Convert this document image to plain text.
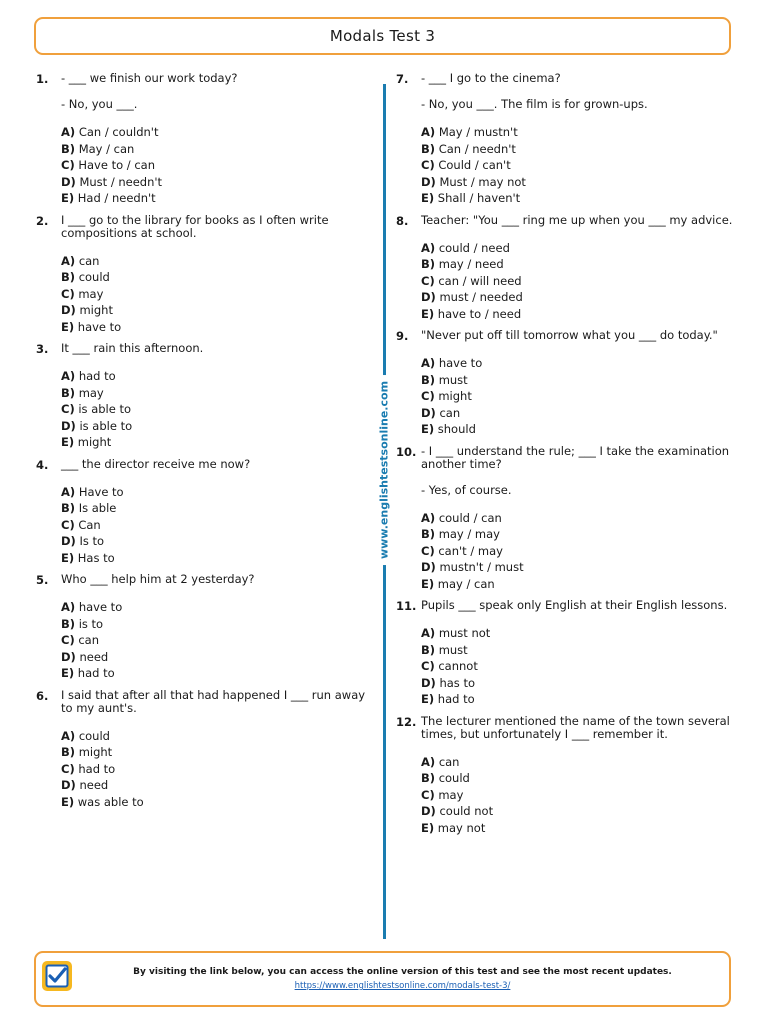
Modals Test 3
1. - ___ we finish our work today?
- No, you ___.
A) Can / couldn't
B) May / can
C) Have to / can
D) Must / needn't
E) Had / needn't
2. I ___ go to the library for books as I often write compositions at school.
A) can
B) could
C) may
D) might
E) have to
3. It ___ rain this afternoon.
A) had to
B) may
C) is able to
D) is able to
E) might
4. ___ the director receive me now?
A) Have to
B) Is able
C) Can
D) Is to
E) Has to
5. Who ___ help him at 2 yesterday?
A) have to
B) is to
C) can
D) need
E) had to
6. I said that after all that had happened I ___ run away to my aunt's.
A) could
B) might
C) had to
D) need
E) was able to
www.englishtestsonline.com
7. - ___ I go to the cinema?
- No, you ___. The film is for grown-ups.
A) May / mustn't
B) Can / needn't
C) Could / can't
D) Must / may not
E) Shall / haven't
8. Teacher: "You ___ ring me up when you ___ my advice.
A) could / need
B) may / need
C) can / will need
D) must / needed
E) have to / need
9. "Never put off till tomorrow what you ___ do today."
A) have to
B) must
C) might
D) can
E) should
10. - I ___ understand the rule; ___ I take the examination another time?
- Yes, of course.
A) could / can
B) may / may
C) can't / may
D) mustn't / must
E) may / can
11. Pupils ___ speak only English at their English lessons.
A) must not
B) must
C) cannot
D) has to
E) had to
12. The lecturer mentioned the name of the town several times, but unfortunately I ___ remember it.
A) can
B) could
C) may
D) could not
E) may not
By visiting the link below, you can access the online version of this test and see the most recent updates.
https://www.englishtestsonline.com/modals-test-3/
